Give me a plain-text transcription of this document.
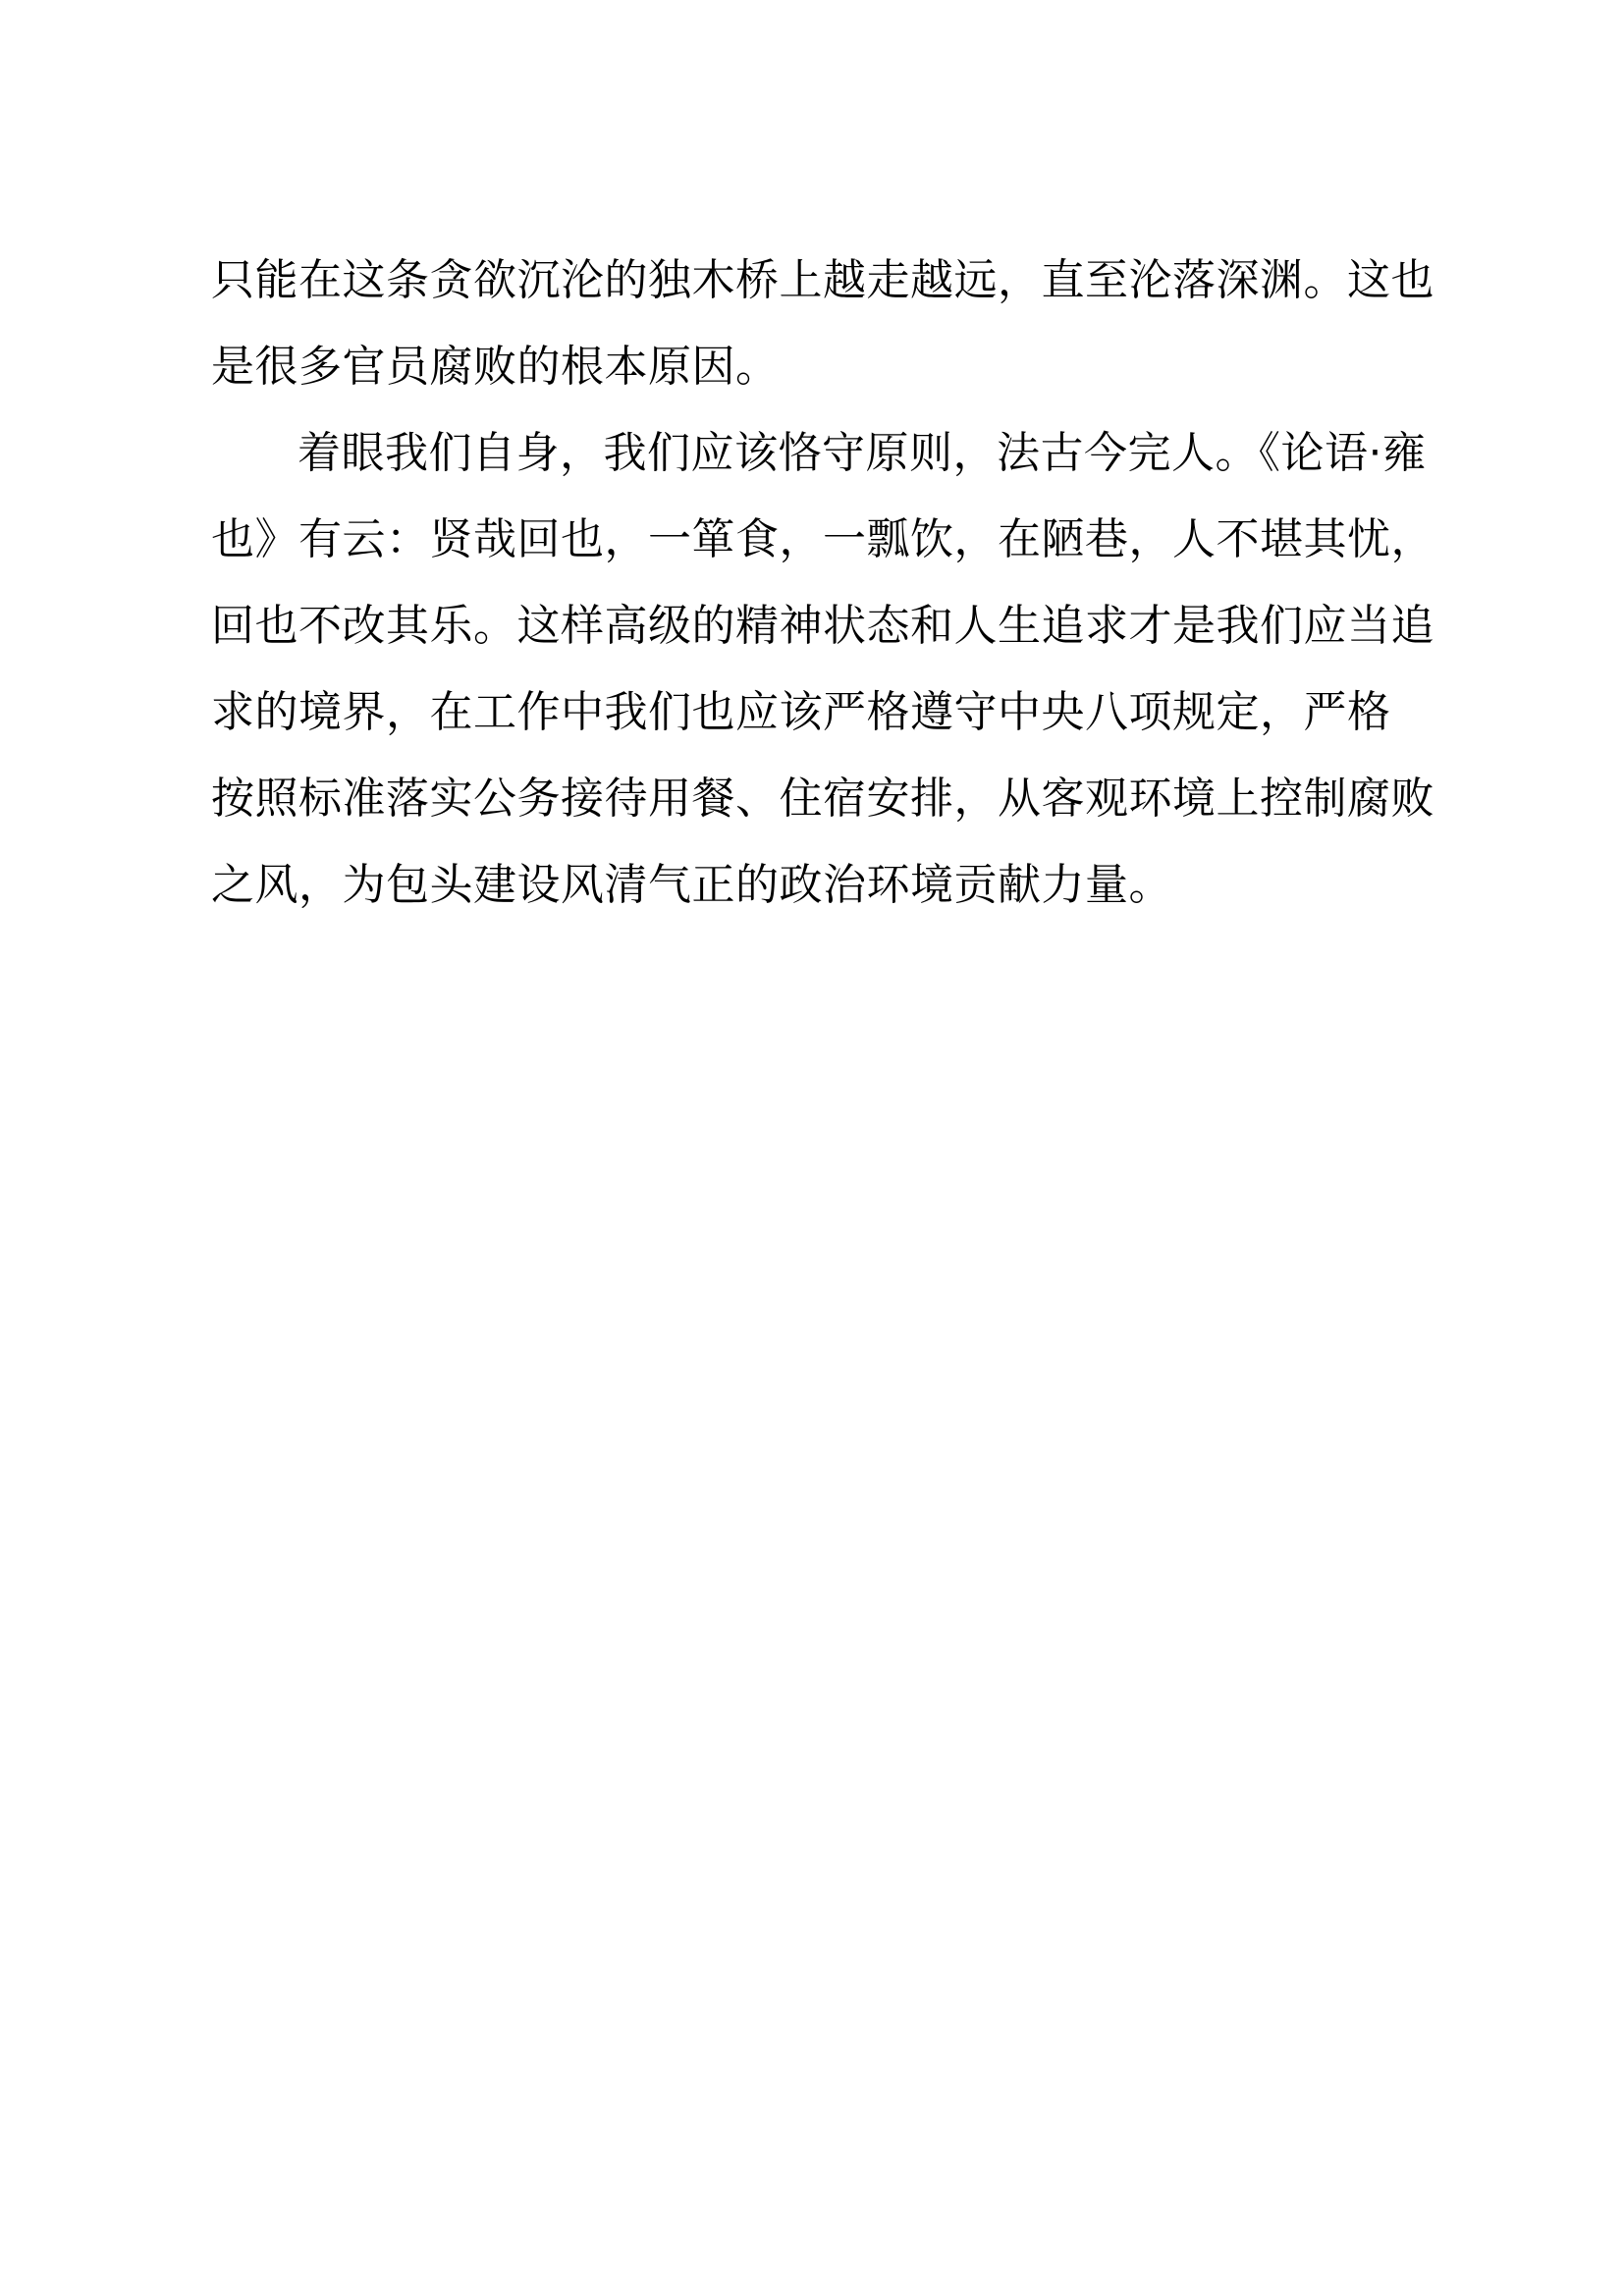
只能在这条贪欲沉沦的独木桥上越走越远，直至沦落深渊。这也
是很多官员腐败的根本原因。
着眼我们自身，我们应该恪守原则，法古今完人。《论语·雍
也》有云：贤哉回也，一箪食，一瓢饮，在陋巷，人不堪其忧，
回也不改其乐。这样高级的精神状态和人生追求才是我们应当追
求的境界，在工作中我们也应该严格遵守中央八项规定，严格
按照标准落实公务接待用餐、住宿安排，从客观环境上控制腐败
之风，为包头建设风清气正的政治环境贡献力量。
